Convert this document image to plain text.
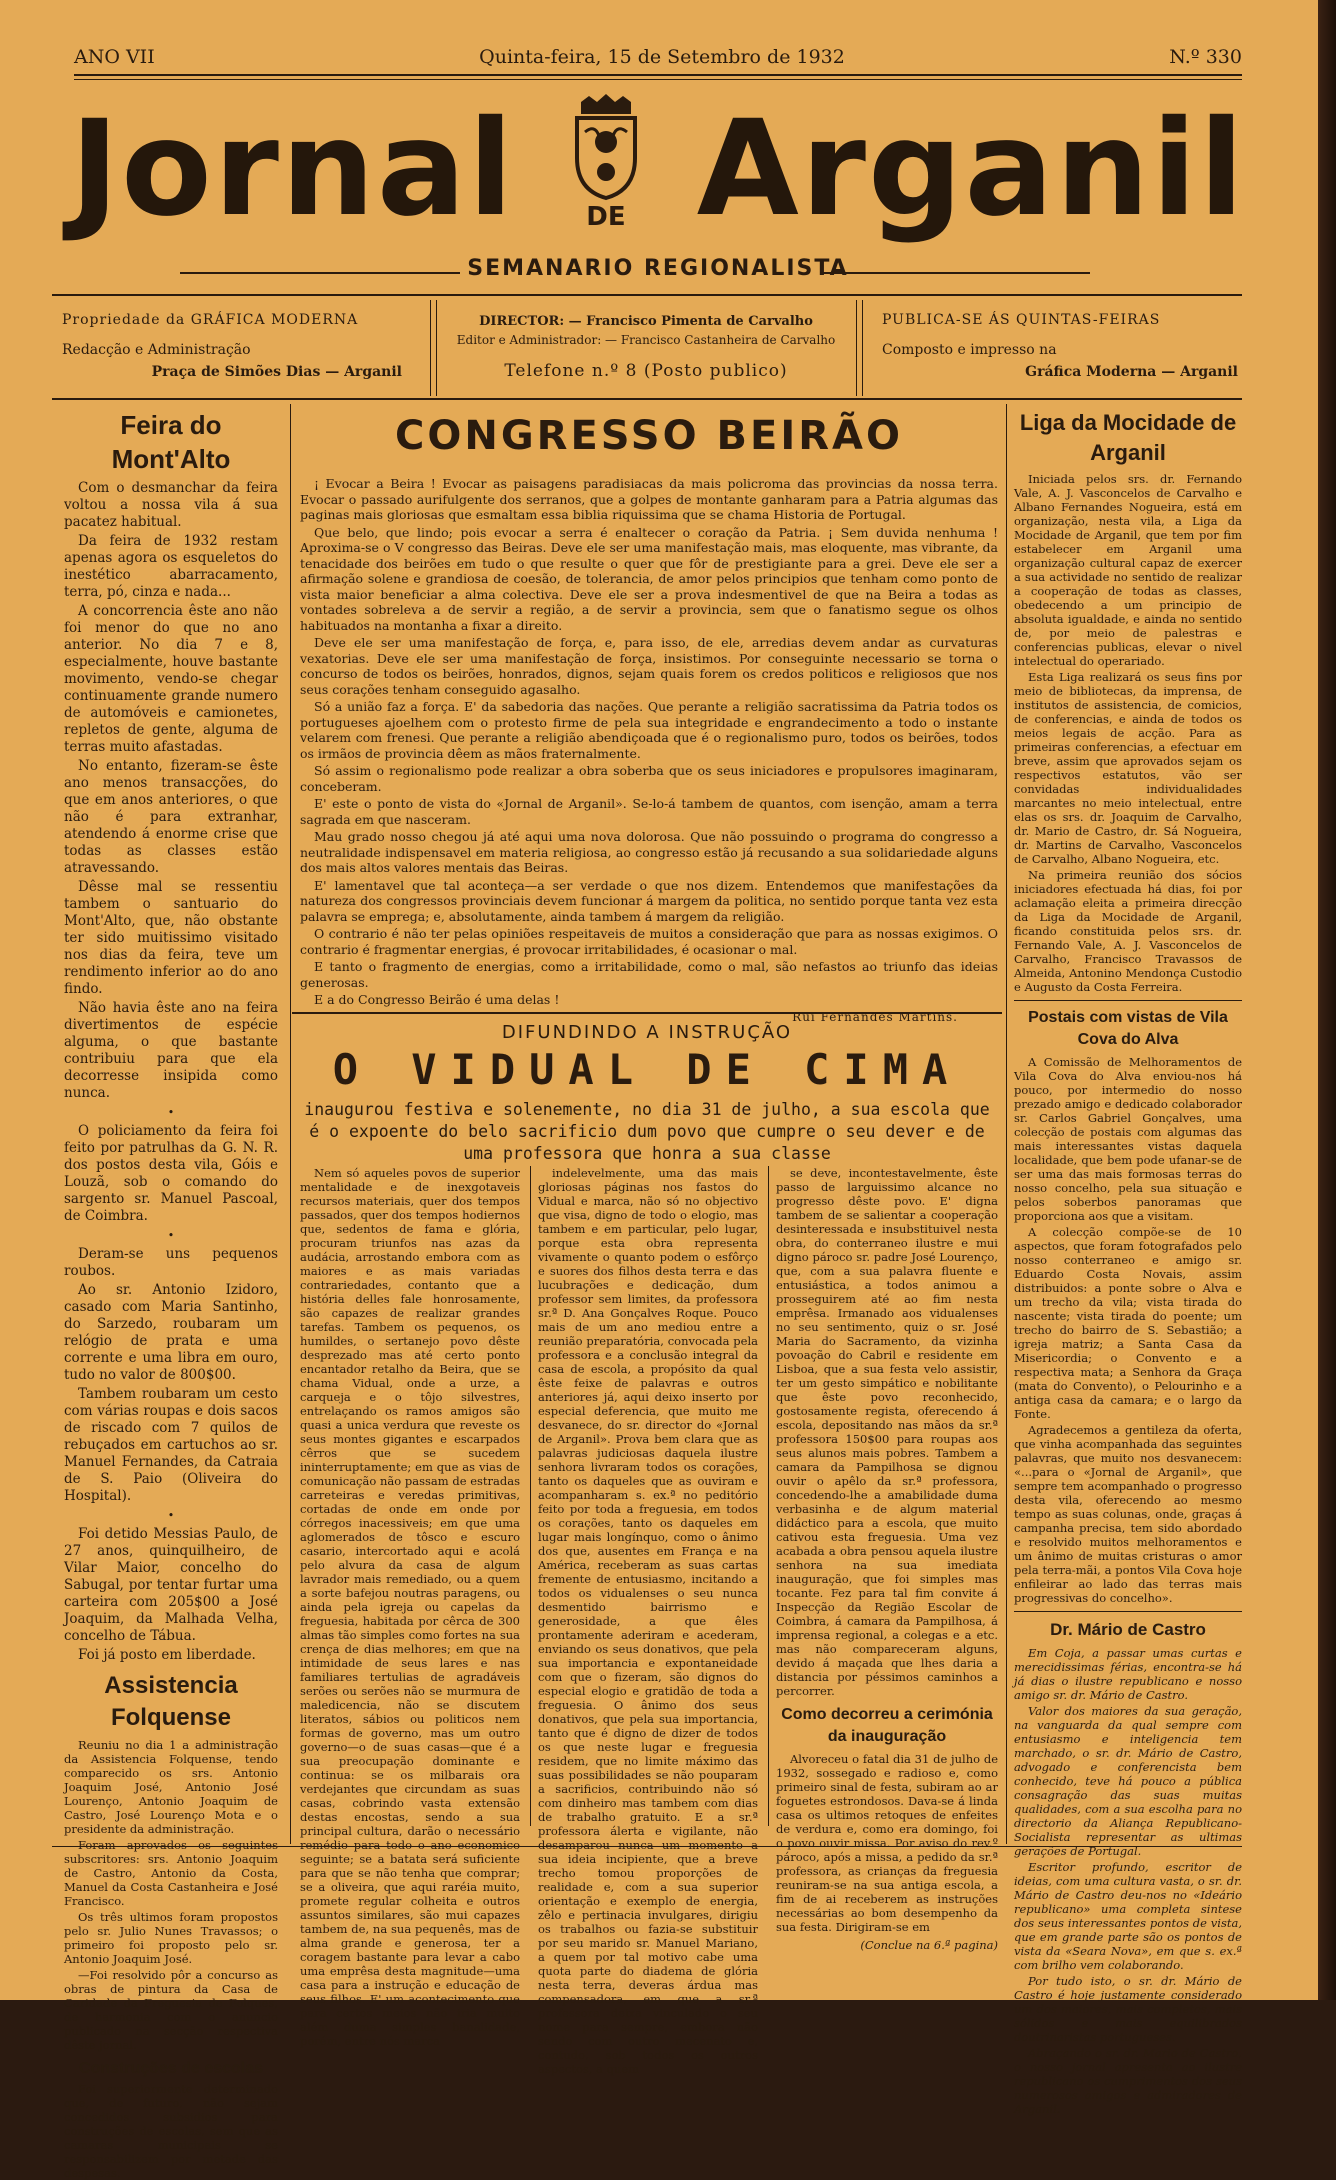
ANO VII	Quinta-feira, 15 de Setembro de 1932	N.º 330
Jornal	DE Arganil
SEMANARIO REGIONALISTA
Propriedade da GRÁFICA MODERNA
Redacção e Administração
Praça de Simões Dias — Arganil
DIRECTOR: — Francisco Pimenta de Carvalho
Editor e Administrador: — Francisco Castanheira de Carvalho
Telefone n.º 8 (Posto publico)
PUBLICA-SE ÁS QUINTAS-FEIRAS
Composto e impresso na
Gráfica Moderna — Arganil
Feira do Mont'Alto

Com o desmanchar da feira voltou a nossa vila á sua pacatez habitual.

Da feira de 1932 restam apenas agora os esqueletos do inestético abarracamento, terra, pó, cinza e nada...

A concorrencia êste ano não foi menor do que no ano anterior. No dia 7 e 8, especialmente, houve bastante movimento, vendo-se chegar continuamente grande numero de automóveis e camionetes, repletos de gente, alguma de terras muito afastadas.

No entanto, fizeram-se êste ano menos transacções, do que em anos anteriores, o que não é para extranhar, atendendo á enorme crise que todas as classes estão atravessando.

Dêsse mal se ressentiu tambem o santuario do Mont'Alto, que, não obstante ter sido muitissimo visitado nos dias da feira, teve um rendimento inferior ao do ano findo.

Não havia êste ano na feira divertimentos de espécie alguma, o que bastante contribuiu para que ela decorresse insipida como nunca.

•

O policiamento da feira foi feito por patrulhas da G. N. R. dos postos desta vila, Góis e Louzã, sob o comando do sargento sr. Manuel Pascoal, de Coimbra.

•

Deram-se uns pequenos roubos.

Ao sr. Antonio Izidoro, casado com Maria Santinho, do Sarzedo, roubaram um relógio de prata e uma corrente e uma libra em ouro, tudo no valor de 800$00.

Tambem roubaram um cesto com várias roupas e dois sacos de riscado com 7 quilos de rebuçados em cartuchos ao sr. Manuel Fernandes, da Catraia de S. Paio (Oliveira do Hospital).

•

Foi detido Messias Paulo, de 27 anos, quinquilheiro, de Vilar Maior, concelho do Sabugal, por tentar furtar uma carteira com 205$00 a José Joaquim, da Malhada Velha, concelho de Tábua.

Foi já posto em liberdade.

Assistencia Folquense

Reuniu no dia 1 a administração da Assistencia Folquense, tendo comparecido os srs. Antonio Joaquim José, Antonio José Lourenço, Antonio Joaquim de Castro, José Lourenço Mota e o presidente da administração.

Foram aprovados os seguintes subscritores: srs. Antonio Joaquim de Castro, Antonio da Costa, Manuel da Costa Castanheira e José Francisco.

Os três ultimos foram propostos pelo sr. Julio Nunes Travassos; o primeiro foi proposto pelo sr. Antonio Joaquim José.

—Foi resolvido pôr a concurso as obras de pintura da Casa de Caridade da Freguesia de Folques, de harmonia com o anuncio publicado na secção respectiva dêste jornal.

Construções de escolas

Foi superiormente determinado que, de futuro, não sejam concedidos subsidios para construções de escolas, sem que as camaras municipais se responsabilizem por metade das despesas.

CONGRESSO BEIRÃO

¡ Evocar a Beira ! Evocar as paisagens paradisiacas da mais policroma das provincias da nossa terra. Evocar o passado aurifulgente dos serranos, que a golpes de montante ganharam para a Patria algumas das paginas mais gloriosas que esmaltam essa biblia riquissima que se chama Historia de Portugal.

Que belo, que lindo; pois evocar a serra é enaltecer o coração da Patria. ¡ Sem duvida nenhuma ! Aproxima-se o V congresso das Beiras. Deve ele ser uma manifestação mais, mas eloquente, mas vibrante, da tenacidade dos beirões em tudo o que resulte o quer que fôr de prestigiante para a grei. Deve ele ser a afirmação solene e grandiosa de coesão, de tolerancia, de amor pelos principios que tenham como ponto de vista maior beneficiar a alma colectiva. Deve ele ser a prova indesmentivel de que na Beira a todas as vontades sobreleva a de servir a região, a de servir a provincia, sem que o fanatismo segue os olhos habituados na montanha a fixar a direito.

Deve ele ser uma manifestação de força, e, para isso, de ele, arredias devem andar as curvaturas vexatorias. Deve ele ser uma manifestação de força, insistimos. Por conseguinte necessario se torna o concurso de todos os beirões, honrados, dignos, sejam quais forem os credos politicos e religiosos que nos seus corações tenham conseguido agasalho.

Só a união faz a força. E' da sabedoria das nações. Que perante a religião sacratissima da Patria todos os portugueses ajoelhem com o protesto firme de pela sua integridade e engrandecimento a todo o instante velarem com frenesi. Que perante a religião abendiçoada que é o regionalismo puro, todos os beirões, todos os irmãos de provincia dêem as mãos fraternalmente.

Só assim o regionalismo pode realizar a obra soberba que os seus iniciadores e propulsores imaginaram, conceberam.

E' este o ponto de vista do «Jornal de Arganil». Se-lo-á tambem de quantos, com isenção, amam a terra sagrada em que nasceram.

Mau grado nosso chegou já até aqui uma nova dolorosa. Que não possuindo o programa do congresso a neutralidade indispensavel em materia religiosa, ao congresso estão já recusando a sua solidariedade alguns dos mais altos valores mentais das Beiras.

E' lamentavel que tal aconteça—a ser verdade o que nos dizem. Entendemos que manifestações da natureza dos congressos provinciais devem funcionar á margem da politica, no sentido porque tanta vez esta palavra se emprega; e, absolutamente, ainda tambem á margem da religião.

O contrario é não ter pelas opiniões respeitaveis de muitos a consideração que para as nossas exigimos. O contrario é fragmentar energias, é provocar irritabilidades, é ocasionar o mal.

E tanto o fragmento de energias, como a irritabilidade, como o mal, são nefastos ao triunfo das ideias generosas.

E a do Congresso Beirão é uma delas !

Rui Fernandes Martins.
DIFUNDINDO A INSTRUÇÃO
O VIDUAL DE CIMA
inaugurou festiva e solenemente, no dia 31 de julho, a sua escola que é o expoente do belo sacrificio dum povo que cumpre o seu dever e de uma professora que honra a sua classe

Nem só aqueles povos de superior mentalidade e de inexgotaveis recursos materiais, quer dos tempos passados, quer dos tempos hodiernos que, sedentos de fama e glória, procuram triunfos nas azas da audácia, arrostando embora com as maiores e as mais variadas contrariedades, contanto que a história delles fale honrosamente, são capazes de realizar grandes tarefas. Tambem os pequenos, os humildes, o sertanejo povo dêste desprezado mas até certo ponto encantador retalho da Beira, que se chama Vidual, onde a urze, a carqueja e o tôjo silvestres, entrelaçando os ramos amigos são quasi a unica verdura que reveste os seus montes gigantes e escarpados cêrros que se sucedem ininterruptamente; em que as vias de comunicação não passam de estradas carreteiras e veredas primitivas, cortadas de onde em onde por córregos inacessiveis; em que uma aglomerados de tôsco e escuro casario, intercortado aqui e acolá pelo alvura da casa de algum lavrador mais remediado, ou a quem a sorte bafejou noutras paragens, ou ainda pela igreja ou capelas da freguesia, habitada por cêrca de 300 almas tão simples como fortes na sua crença de dias melhores; em que na intimidade de seus lares e nas familiares tertulias de agradáveis serões ou serões não se murmura de maledicencia, não se discutem literatos, sábios ou politicos nem formas de governo, mas um outro governo—o de suas casas—que é a sua preocupação dominante e continua: se os milbarais ora verdejantes que circundam as suas casas, cobrindo vasta extensão destas encostas, sendo a sua principal cultura, darão o necessário remédio para todo o ano economico seguinte; se a batata será suficiente para que se não tenha que comprar; se a oliveira, que aqui raréia muito, promete regular colheita e outros assuntos similares, são mui capazes tambem de, na sua pequenês, mas de alma grande e generosa, ter a coragem bastante para levar a cabo uma emprêsa desta magnitude—uma casa para a instrução e educação de seus filhos. E' um acontecimento que para certos meios não iria muito além duma simples banalidade, porém, entre nós marca

indelevelmente, uma das mais gloriosas páginas nos fastos do Vidual e marca, não só no objectivo que visa, digno de todo o elogio, mas tambem e em particular, pelo lugar, porque esta obra representa vivamente o quanto podem o esfôrço e suores dos filhos desta terra e das lucubrações e dedicação, dum professor sem limites, da professora sr.ª D. Ana Gonçalves Roque. Pouco mais de um ano mediou entre a reunião preparatória, convocada pela professora e a conclusão integral da casa de escola, a propósito da qual êste feixe de palavras e outros anteriores já, aqui deixo inserto por especial deferencia, que muito me desvanece, do sr. director do «Jornal de Arganil». Prova bem clara que as palavras judiciosas daquela ilustre senhora livraram todos os corações, tanto os daqueles que as ouviram e acompanharam s. ex.ª no peditório feito por toda a freguesia, em todos os corações, tanto os daqueles em lugar mais longínquo, como o ânimo dos que, ausentes em França e na América, receberam as suas cartas fremente de entusiasmo, incitando a todos os vidualenses o seu nunca desmentido bairrismo e generosidade, a que êles prontamente aderiram e acederam, enviando os seus donativos, que pela sua importancia e expontaneidade com que o fizeram, são dignos do especial elogio e gratidão de toda a freguesia. O ânimo dos seus donativos, que pela sua importancia, tanto que é digno de dizer de todos os que neste lugar e freguesia residem, que no limite máximo das suas possibilidades se não pouparam a sacrificios, contribuindo não só com dinheiro mas tambem com dias de trabalho gratuito. E a sr.ª professora álerta e vigilante, não desamparou nunca um momento a sua ideia incipiente, que a breve trecho tomou proporções de realidade e, com a sua superior orientação e exemplo de energia, zêlo e pertinacia invulgares, dirigiu os trabalhos ou fazia-se substituir por seu marido sr. Manuel Mariano, a quem por tal motivo cabe uma quota parte do diadema de glória nesta terra, deveras árdua mas compensadora, em que a sr.ª professora deixa vinculado o seu nome para sempre, embora não sendo com outro mecenato e, contudo, sob todos os outros aspectos, a quem

se deve, incontestavelmente, êste passo de larguissimo alcance no progresso dêste povo. E' digna tambem de se salientar a cooperação desinteressada e insubstituivel nesta obra, do conterraneo ilustre e mui digno pároco sr. padre José Lourenço, que, com a sua palavra fluente e entusiástica, a todos animou a prosseguirem até ao fim nesta emprêsa. Irmanado aos vidualenses no seu sentimento, quiz o sr. José Maria do Sacramento, da vizinha povoação do Cabril e residente em Lisboa, que a sua festa velo assistir, ter um gesto simpático e nobilitante que êste povo reconhecido, gostosamente regista, oferecendo á escola, depositando nas mãos da sr.ª professora 150$00 para roupas aos seus alunos mais pobres. Tambem a camara da Pampilhosa se dignou ouvir o apêlo da sr.ª professora, concedendo-lhe a amabilidade duma verbasinha e de algum material didáctico para a escola, que muito cativou esta freguesia. Uma vez acabada a obra pensou aquela ilustre senhora na sua imediata inauguração, que foi simples mas tocante. Fez para tal fim convite á Inspecção da Região Escolar de Coimbra, á camara da Pampilhosa, á imprensa regional, a colegas e a etc. mas não compareceram alguns, devido á maçada que lhes daria a distancia por péssimos caminhos a percorrer.

Como decorreu a cerimónia da inauguração

Alvoreceu o fatal dia 31 de julho de 1932, sossegado e radioso e, como primeiro sinal de festa, subiram ao ar foguetes estrondosos. Dava-se á linda casa os ultimos retoques de enfeites de verdura e, como era domingo, foi o povo ouvir missa. Por aviso do rev.º pároco, após a missa, a pedido da sr.ª professora, as crianças da freguesia reuniram-se na sua antiga escola, a fim de ai receberem as instruções necessárias ao bom desempenho da sua festa. Dirigiram-se em

(Conclue na 6.ª pagina)
Liga da Mocidade de Arganil

Iniciada pelos srs. dr. Fernando Vale, A. J. Vasconcelos de Carvalho e Albano Fernandes Nogueira, está em organização, nesta vila, a Liga da Mocidade de Arganil, que tem por fim estabelecer em Arganil uma organização cultural capaz de exercer a sua actividade no sentido de realizar a cooperação de todas as classes, obedecendo a um principio de absoluta igualdade, e ainda no sentido de, por meio de palestras e conferencias publicas, elevar o nivel intelectual do operariado.

Esta Liga realizará os seus fins por meio de bibliotecas, da imprensa, de institutos de assistencia, de comicios, de conferencias, e ainda de todos os meios legais de acção. Para as primeiras conferencias, a efectuar em breve, assim que aprovados sejam os respectivos estatutos, vão ser convidadas individualidades marcantes no meio intelectual, entre elas os srs. dr. Joaquim de Carvalho, dr. Mario de Castro, dr. Sá Nogueira, dr. Martins de Carvalho, Vasconcelos de Carvalho, Albano Nogueira, etc.

Na primeira reunião dos sócios iniciadores efectuada há dias, foi por aclamação eleita a primeira direcção da Liga da Mocidade de Arganil, ficando constituida pelos srs. dr. Fernando Vale, A. J. Vasconcelos de Carvalho, Francisco Travassos de Almeida, Antonino Mendonça Custodio e Augusto da Costa Ferreira.

Postais com vistas de Vila Cova do Alva

A Comissão de Melhoramentos de Vila Cova do Alva enviou-nos há pouco, por intermedio do nosso prezado amigo e dedicado colaborador sr. Carlos Gabriel Gonçalves, uma colecção de postais com algumas das mais interessantes vistas daquela localidade, que bem pode ufanar-se de ser uma das mais formosas terras do nosso concelho, pela sua situação e pelos soberbos panoramas que proporciona aos que a visitam.

A colecção compõe-se de 10 aspectos, que foram fotografados pelo nosso conterraneo e amigo sr. Eduardo Costa Novais, assim distribuidos: a ponte sobre o Alva e um trecho da vila; vista tirada do nascente; vista tirada do poente; um trecho do bairro de S. Sebastião; a igreja matriz; a Santa Casa da Misericordia; o Convento e a respectiva mata; a Senhora da Graça (mata do Convento), o Pelourinho e a antiga casa da camara; e o largo da Fonte.

Agradecemos a gentileza da oferta, que vinha acompanhada das seguintes palavras, que muito nos desvanecem: «...para o «Jornal de Arganil», que sempre tem acompanhado o progresso desta vila, oferecendo ao mesmo tempo as suas colunas, onde, graças á campanha precisa, tem sido abordado e resolvido muitos melhoramentos e um ânimo de muitas cristuras o amor pela terra-mãi, a pontos Vila Cova hoje enfileirar ao lado das terras mais progressivas do concelho».

Dr. Mário de Castro

Em Coja, a passar umas curtas e merecidissimas férias, encontra-se há já dias o ilustre republicano e nosso amigo sr. dr. Mário de Castro.

Valor dos maiores da sua geração, na vanguarda da qual sempre com entusiasmo e inteligencia tem marchado, o sr. dr. Mário de Castro, advogado e conferencista bem conhecido, teve há pouco a pública consagração das suas muitas qualidades, com a sua escolha para no directorio da Aliança Republicano-Socialista representar as ultimas gerações de Portugal.

Escritor profundo, escritor de ideias, com uma cultura vasta, o sr. dr. Mário de Castro deu-nos no «Ideário republicano» uma completa sintese dos seus interessantes pontos de vista, que em grande parte são os pontos de vista da «Seara Nova», em que s. ex.ª com brilho vem colaborando.

Por tudo isto, o sr. dr. Mário de Castro é hoje justamente considerado um dos maiores, mais completos, mais sólidos e mais equilibrados doutrinaristas portugueses.

Abraçando o sr. dr. Mario de Castro, o nosso jornal apresenta ao ilustre republicano os cumprimentos dos seus numerosos amigos e admiradores de Arganil.
